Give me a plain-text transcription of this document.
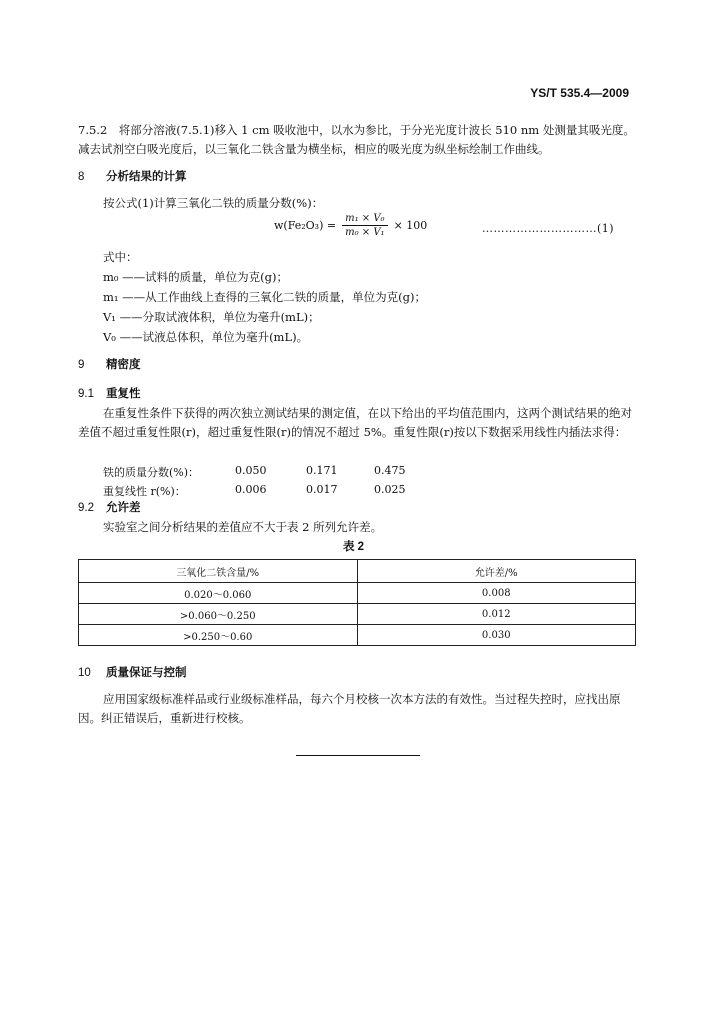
YS/T 535.4—2009
7.5.2　将部分溶液(7.5.1)移入 1 cm 吸收池中，以水为参比，于分光光度计波长 510 nm 处测量其吸光度。减去试剂空白吸光度后，以三氧化二铁含量为横坐标，相应的吸光度为纵坐标绘制工作曲线。
8 分析结果的计算
按公式(1)计算三氧化二铁的质量分数(%)：
$w(Fe_2O_3) = \frac{\text{m₁ × V₀}}{\text{m₀ × V₁}} \times 100$	…………………………(1)
式中：
m₀ ——试料的质量，单位为克(g)；
m₁ ——从工作曲线上查得的三氧化二铁的质量，单位为克(g)；
V₁ ——分取试液体积，单位为毫升(mL)；
V₀ ——试液总体积，单位为毫升(mL)。
9 精密度
9.1 重复性
在重复性条件下获得的两次独立测试结果的测定值，在以下给出的平均值范围内，这两个测试结果的绝对差值不超过重复性限(r)，超过重复性限(r)的情况不超过 5%。重复性限(r)按以下数据采用线性内插法求得：
铁的质量分数(%)：	0.050	0.171	0.475
重复线性 r(%)：	0.006	0.017	0.025
9.2 允许差
实验室之间分析结果的差值应不大于表 2 所列允许差。
表 2
三氧化二铁含量/%	允许差/%
0.020～0.060	0.008
>0.060～0.250	0.012
>0.250～0.60	0.030
10 质量保证与控制
应用国家级标准样品或行业级标准样品，每六个月校核一次本方法的有效性。当过程失控时，应找出原因。纠正错误后，重新进行校核。
